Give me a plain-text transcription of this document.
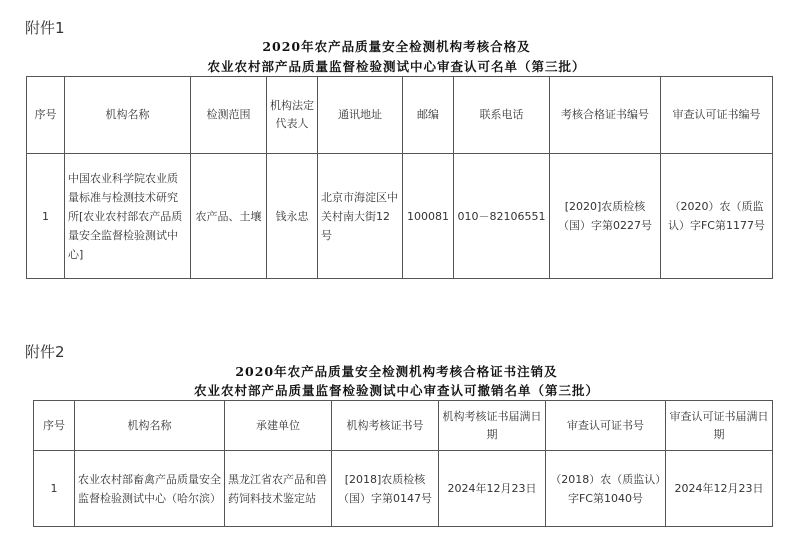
附件1
2020年农产品质量安全检测机构考核合格及
农业农村部产品质量监督检验测试中心审查认可名单（第三批）
序号	机构名称	检测范围	机构法定代表人	通讯地址	邮编	联系电话	考核合格证书编号	审查认可证书编号
1	中国农业科学院农业质量标准与检测技术研究所[农业农村部农产品质量安全监督检验测试中心]	农产品、土壤	钱永忠	北京市海淀区中关村南大街12号	100081	010－82106551	[2020]农质检核（国）字第0227号	（2020）农（质监认）字FC第1177号
附件2
2020年农产品质量安全检测机构考核合格证书注销及
农业农村部产品质量监督检验测试中心审查认可撤销名单（第三批）
序号	机构名称	承建单位	机构考核证书号	机构考核证书届满日期	审查认可证书号	审查认可证书届满日期
1	农业农村部畜禽产品质量安全监督检验测试中心（哈尔滨）	黑龙江省农产品和兽药饲料技术鉴定站	[2018]农质检核（国）字第0147号	2024年12月23日	（2018）农（质监认）字FC第1040号	2024年12月23日
